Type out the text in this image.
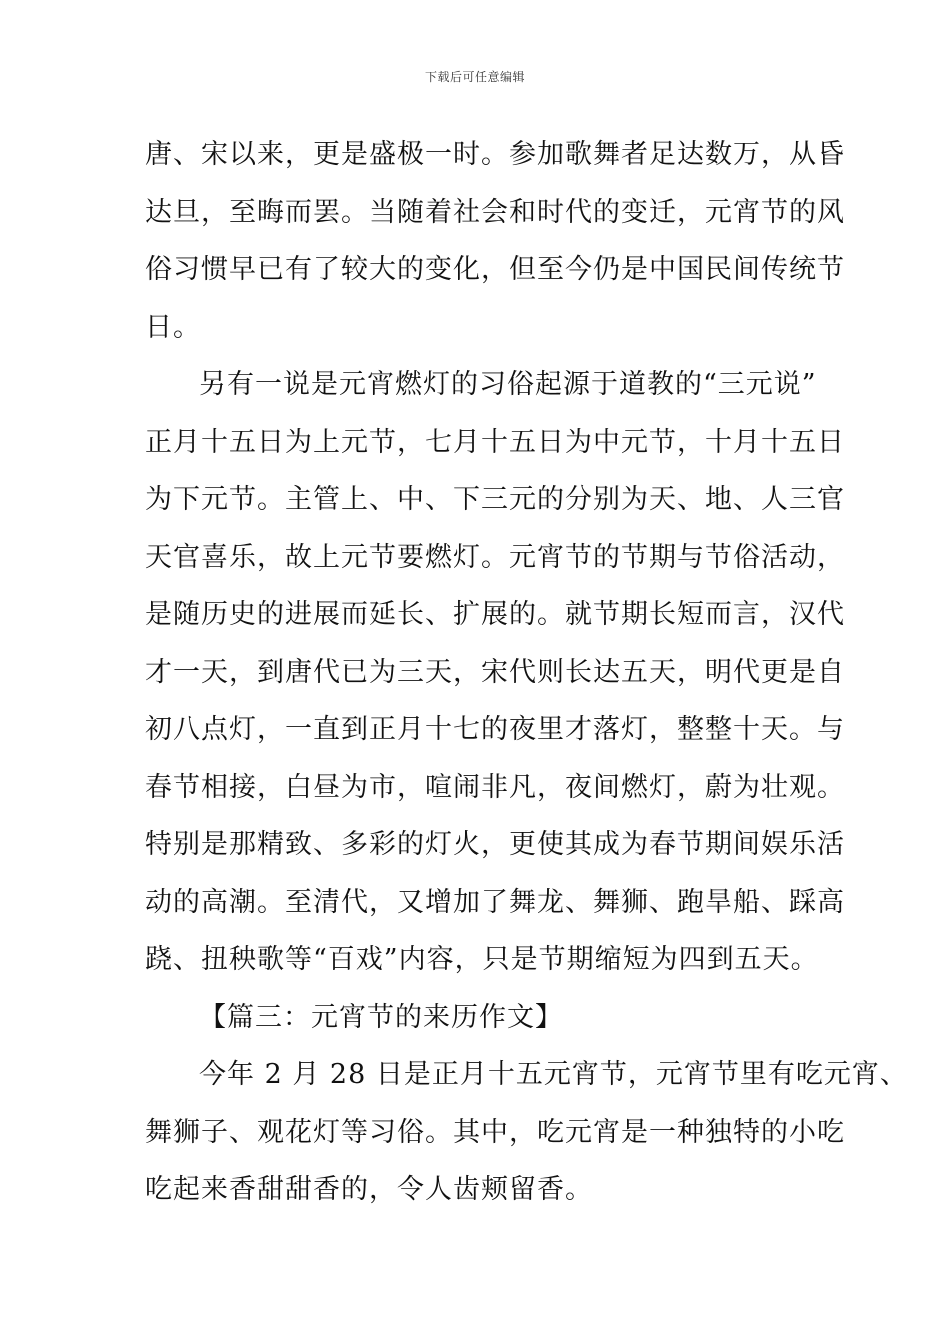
下载后可任意编辑
唐、宋以来，更是盛极一时。参加歌舞者足达数万，从昏
达旦，至晦而罢。当随着社会和时代的变迁，元宵节的风
俗习惯早已有了较大的变化，但至今仍是中国民间传统节
日。
另有一说是元宵燃灯的习俗起源于道教的“三元说”
正月十五日为上元节，七月十五日为中元节，十月十五日
为下元节。主管上、中、下三元的分别为天、地、人三官
天官喜乐，故上元节要燃灯。元宵节的节期与节俗活动，
是随历史的进展而延长、扩展的。就节期长短而言，汉代
才一天，到唐代已为三天，宋代则长达五天，明代更是自
初八点灯，一直到正月十七的夜里才落灯，整整十天。与
春节相接，白昼为市，喧闹非凡，夜间燃灯，蔚为壮观。
特别是那精致、多彩的灯火，更使其成为春节期间娱乐活
动的高潮。至清代，又增加了舞龙、舞狮、跑旱船、踩高
跷、扭秧歌等“百戏”内容，只是节期缩短为四到五天。
【篇三：元宵节的来历作文】
今年 2 月 28 日是正月十五元宵节，元宵节里有吃元宵、
舞狮子、观花灯等习俗。其中，吃元宵是一种独特的小吃
吃起来香甜甜香的，令人齿颊留香。
